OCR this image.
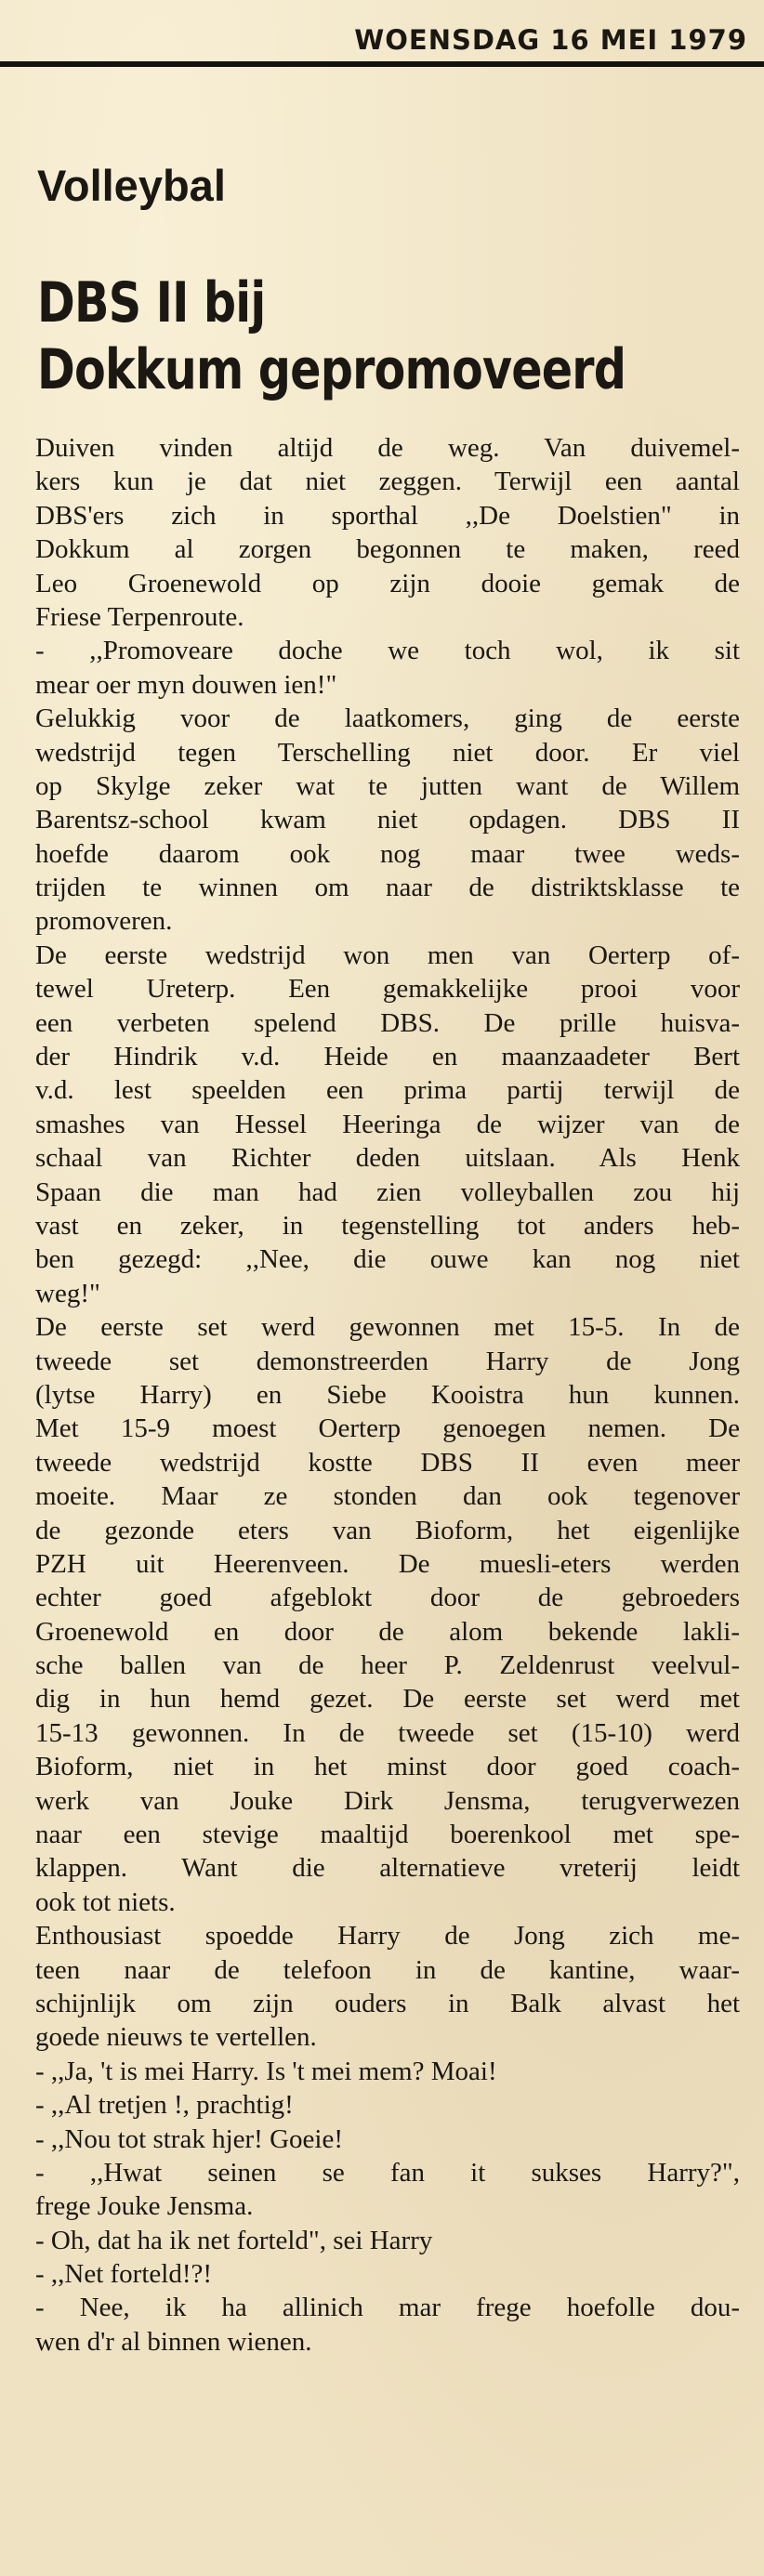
WOENSDAG 16 MEI 1979
Volleybal
DBS II bij
Dokkum gepromoveerd
Duiven vinden altijd de weg. Van duivemel-
kers kun je dat niet zeggen. Terwijl een aantal
DBS'ers zich in sporthal ,,De Doelstien" in
Dokkum al zorgen begonnen te maken, reed
Leo Groenewold op zijn dooie gemak de
Friese Terpenroute.
- ,,Promoveare doche we toch wol, ik sit
mear oer myn douwen ien!"
Gelukkig voor de laatkomers, ging de eerste
wedstrijd tegen Terschelling niet door. Er viel
op Skylge zeker wat te jutten want de Willem
Barentsz-school kwam niet opdagen. DBS II
hoefde daarom ook nog maar twee weds-
trijden te winnen om naar de distriktsklasse te
promoveren.
De eerste wedstrijd won men van Oerterp of-
tewel Ureterp. Een gemakkelijke prooi voor
een verbeten spelend DBS. De prille huisva-
der Hindrik v.d. Heide en maanzaadeter Bert
v.d. lest speelden een prima partij terwijl de
smashes van Hessel Heeringa de wijzer van de
schaal van Richter deden uitslaan. Als Henk
Spaan die man had zien volleyballen zou hij
vast en zeker, in tegenstelling tot anders heb-
ben gezegd: ,,Nee, die ouwe kan nog niet
weg!"
De eerste set werd gewonnen met 15-5. In de
tweede set demonstreerden Harry de Jong
(lytse Harry) en Siebe Kooistra hun kunnen.
Met 15-9 moest Oerterp genoegen nemen. De
tweede wedstrijd kostte DBS II even meer
moeite. Maar ze stonden dan ook tegenover
de gezonde eters van Bioform, het eigenlijke
PZH uit Heerenveen. De muesli-eters werden
echter goed afgeblokt door de gebroeders
Groenewold en door de alom bekende lakli-
sche ballen van de heer P. Zeldenrust veelvul-
dig in hun hemd gezet. De eerste set werd met
15-13 gewonnen. In de tweede set (15-10) werd
Bioform, niet in het minst door goed coach-
werk van Jouke Dirk Jensma, terugverwezen
naar een stevige maaltijd boerenkool met spe-
klappen. Want die alternatieve vreterij leidt
ook tot niets.
Enthousiast spoedde Harry de Jong zich me-
teen naar de telefoon in de kantine, waar-
schijnlijk om zijn ouders in Balk alvast het
goede nieuws te vertellen.
- ,,Ja, 't is mei Harry. Is 't mei mem? Moai!
- ,,Al tretjen !, prachtig!
- ,,Nou tot strak hjer! Goeie!
- ,,Hwat seinen se fan it sukses Harry?",
frege Jouke Jensma.
- Oh, dat ha ik net forteld", sei Harry
- ,,Net forteld!?!
- Nee, ik ha allinich mar frege hoefolle dou-
wen d'r al binnen wienen.
